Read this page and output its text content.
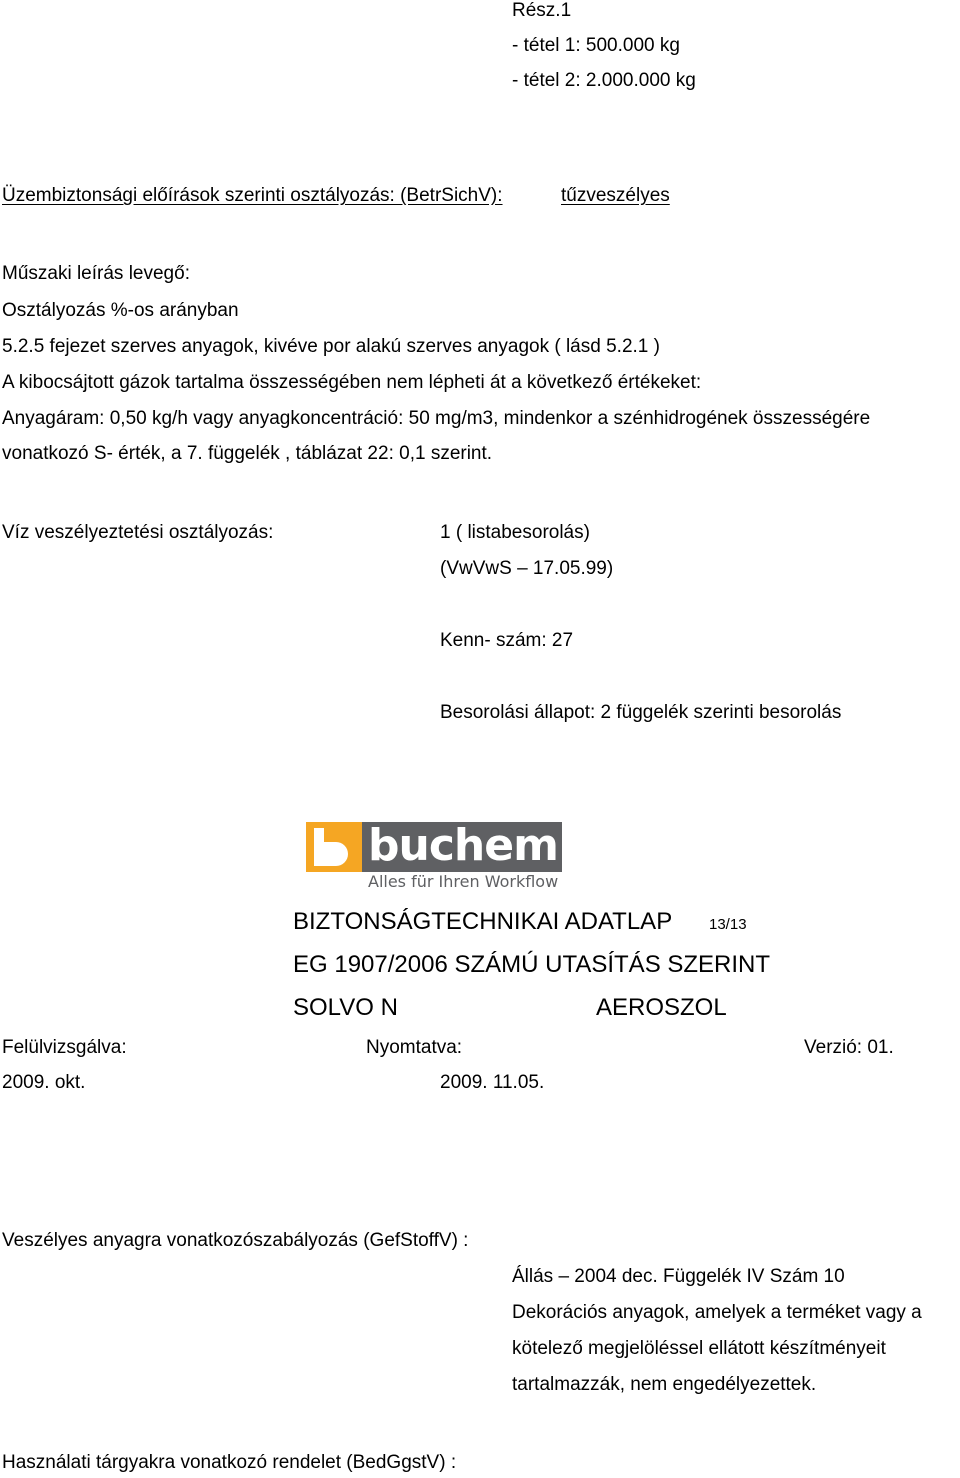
Rész.1
- tétel 1: 500.000 kg
- tétel 2: 2.000.000 kg
Üzembiztonsági előírások szerinti osztályozás: (BetrSichV):	tűzveszélyes
Műszaki leírás levegő:
Osztályozás %-os arányban
5.2.5 fejezet szerves anyagok, kivéve por alakú szerves anyagok ( lásd 5.2.1 )
A kibocsájtott gázok tartalma összességében nem lépheti át a következő értékeket:
Anyagáram: 0,50 kg/h vagy anyagkoncentráció: 50 mg/m3, mindenkor a szénhidrogének összességére
vonatkozó S- érték, a 7. függelék , táblázat 22: 0,1 szerint.
Víz veszélyeztetési osztályozás:	1 ( listabesorolás)
(VwVwS – 17.05.99)
Kenn- szám: 27
Besorolási állapot: 2 függelék szerinti besorolás
buchem
Alles für Ihren Workflow
BIZTONSÁGTECHNIKAI ADATLAP 13/13
EG 1907/2006 SZÁMÚ UTASÍTÁS SZERINT
SOLVO N	AEROSZOL
Felülvizsgálva:	Nyomtatva:	Verzió: 01.
2009. okt.	2009. 11.05.
Veszélyes anyagra vonatkozószabályozás (GefStoffV) :
Állás – 2004 dec. Függelék IV Szám 10
Dekorációs anyagok, amelyek a terméket vagy a
kötelező megjelöléssel ellátott készítményeit
tartalmazzák, nem engedélyezettek.
Használati tárgyakra vonatkozó rendelet (BedGgstV) :
